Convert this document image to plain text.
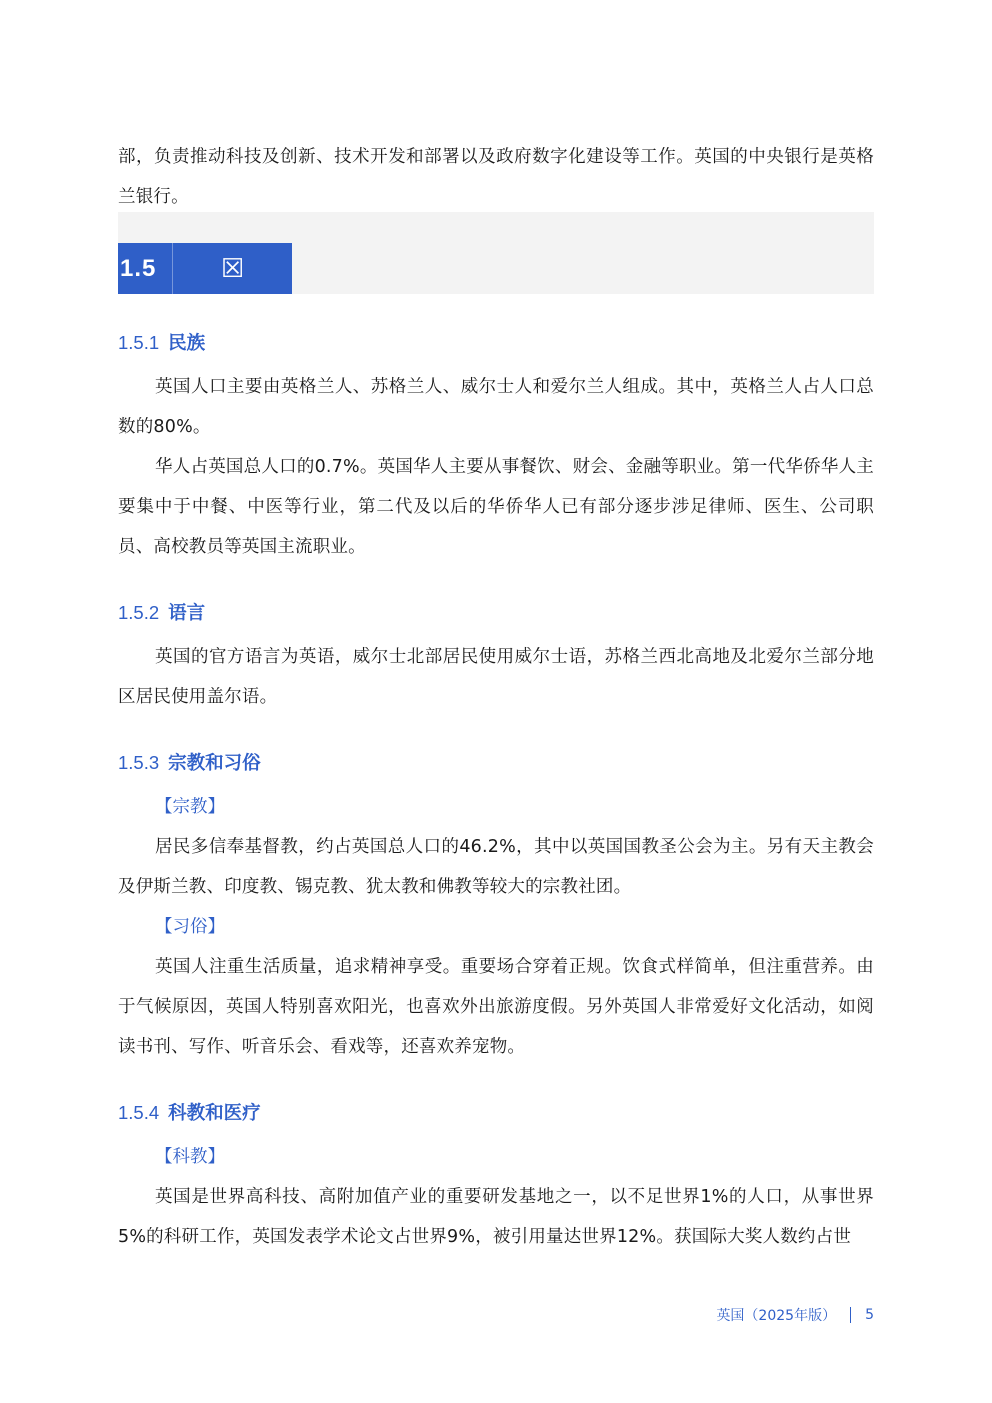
部，负责推动科技及创新、技术开发和部署以及政府数字化建设等工作。英国的中央银行是英格兰银行。

1.5	☒
1.5.1 民族

英国人口主要由英格兰人、苏格兰人、威尔士人和爱尔兰人组成。其中，英格兰人占人口总数的80%。

华人占英国总人口的0.7%。英国华人主要从事餐饮、财会、金融等职业。第一代华侨华人主要集中于中餐、中医等行业，第二代及以后的华侨华人已有部分逐步涉足律师、医生、公司职员、高校教员等英国主流职业。

1.5.2 语言

英国的官方语言为英语，威尔士北部居民使用威尔士语，苏格兰西北高地及北爱尔兰部分地区居民使用盖尔语。

1.5.3 宗教和习俗

【宗教】

居民多信奉基督教，约占英国总人口的46.2%，其中以英国国教圣公会为主。另有天主教会及伊斯兰教、印度教、锡克教、犹太教和佛教等较大的宗教社团。

【习俗】

英国人注重生活质量，追求精神享受。重要场合穿着正规。饮食式样简单，但注重营养。由于气候原因，英国人特别喜欢阳光，也喜欢外出旅游度假。另外英国人非常爱好文化活动，如阅读书刊、写作、听音乐会、看戏等，还喜欢养宠物。

1.5.4 科教和医疗

【科教】

英国是世界高科技、高附加值产业的重要研发基地之一，以不足世界1%的人口，从事世界5%的科研工作，英国发表学术论文占世界9%，被引用量达世界12%。获国际大奖人数约占世

英国（2025年版） 5
